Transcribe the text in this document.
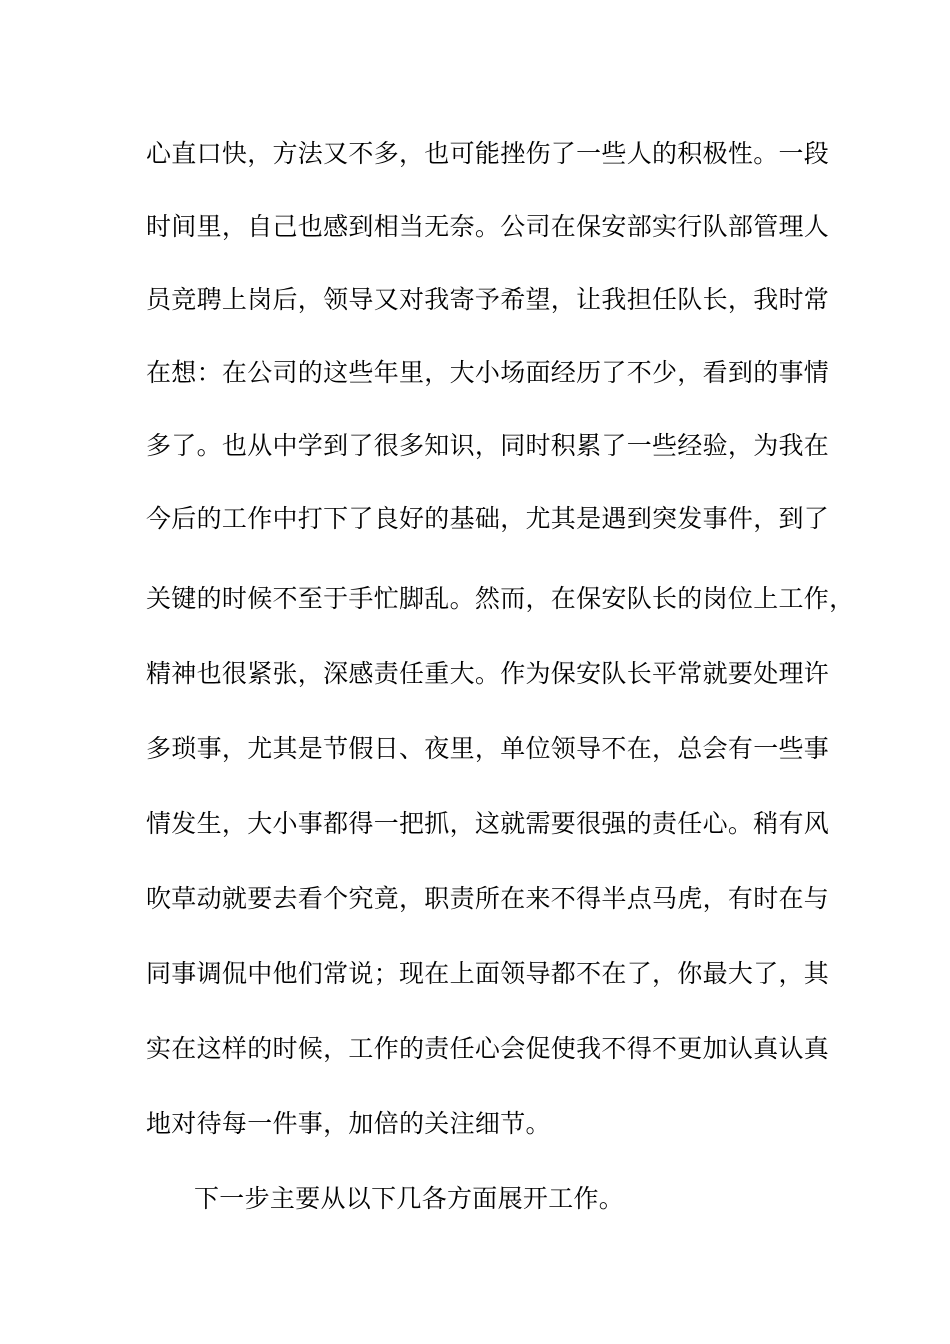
心直口快，方法又不多，也可能挫伤了一些人的积极性。一段
时间里，自己也感到相当无奈。公司在保安部实行队部管理人
员竞聘上岗后，领导又对我寄予希望，让我担任队长，我时常
在想：在公司的这些年里，大小场面经历了不少，看到的事情
多了。也从中学到了很多知识，同时积累了一些经验，为我在
今后的工作中打下了良好的基础，尤其是遇到突发事件，到了
关键的时候不至于手忙脚乱。然而，在保安队长的岗位上工作，
精神也很紧张，深感责任重大。作为保安队长平常就要处理许
多琐事，尤其是节假日、夜里，单位领导不在，总会有一些事
情发生，大小事都得一把抓，这就需要很强的责任心。稍有风
吹草动就要去看个究竟，职责所在来不得半点马虎，有时在与
同事调侃中他们常说；现在上面领导都不在了，你最大了，其
实在这样的时候，工作的责任心会促使我不得不更加认真认真
地对待每一件事，加倍的关注细节。
下一步主要从以下几各方面展开工作。
